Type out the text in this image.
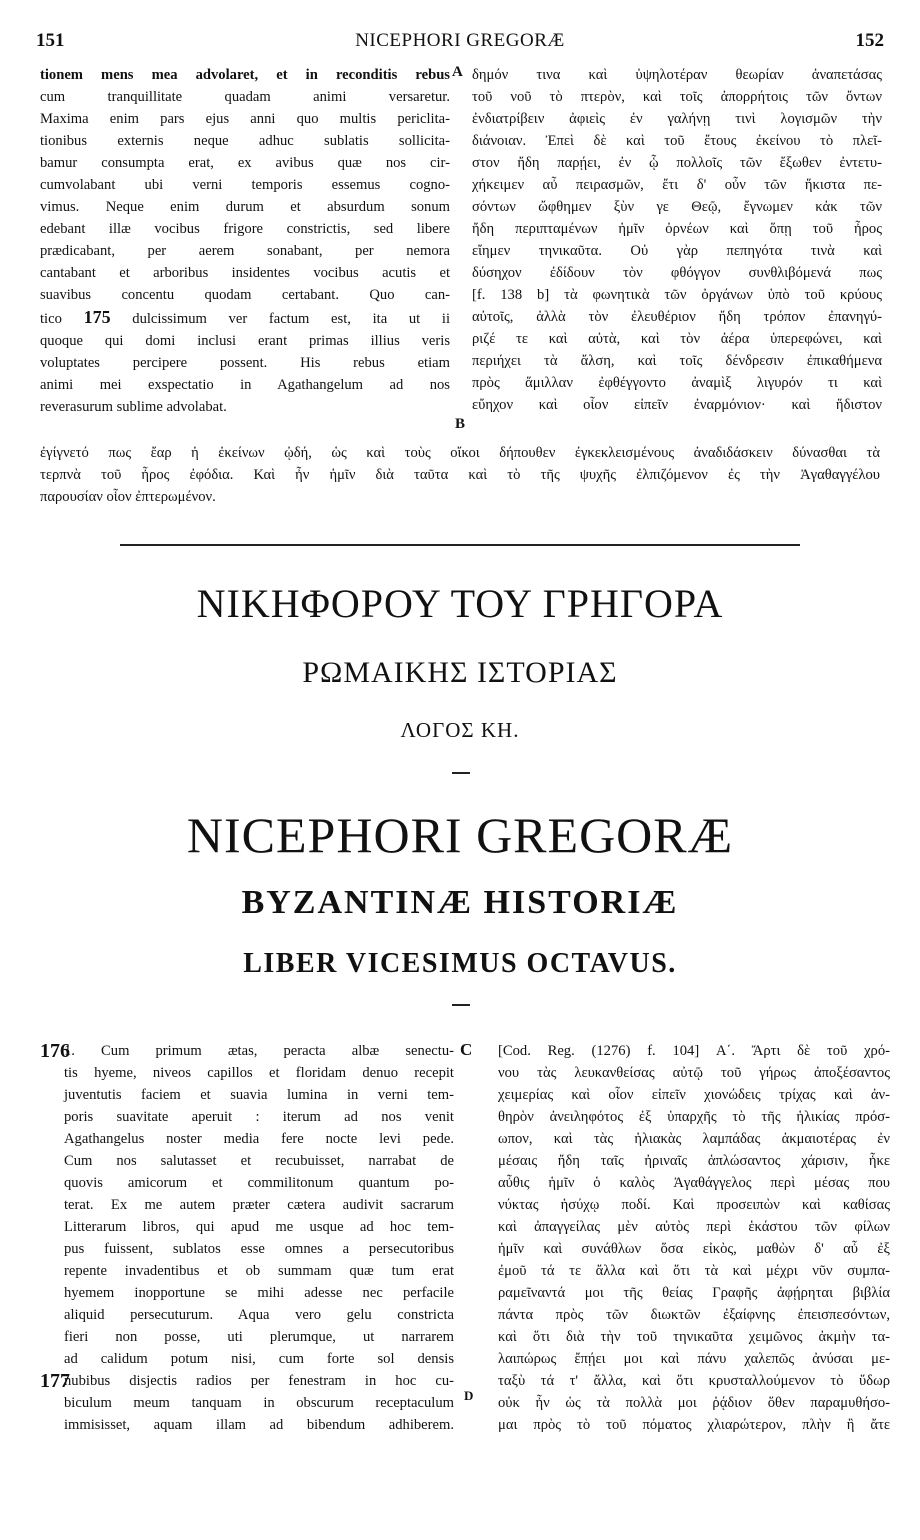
151	NICEPHORI GREGORÆ	152
tionem mens mea advolaret, et in reconditis rebus
cum tranquillitate quadam animi versaretur.
Maxima enim pars ejus anni quo multis periclita-
tionibus externis neque adhuc sublatis sollicita-
bamur consumpta erat, ex avibus quæ nos cir-
cumvolabant ubi verni temporis essemus cogno-
vimus. Neque enim durum et absurdum sonum
edebant illæ vocibus frigore constrictis, sed libere
prædicabant, per aerem sonabant, per nemora
cantabant et arboribus insidentes vocibus acutis et
suavibus concentu quodam certabant. Quo can-
tico 175 dulcissimum ver factum est, ita ut ii
quoque qui domi inclusi erant primas illius veris
voluptates percipere possent. His rebus etiam
animi mei exspectatio in Agathangelum ad nos
reverasurum sublime advolabat.
A
B
δημόν τινα καὶ ὑψηλοτέραν θεωρίαν ἀναπετάσας
τοῦ νοῦ τὸ πτερὸν, καὶ τοῖς ἀπορρήτοις τῶν ὄντων
ἐνδιατρίβειν ἀφιεὶς ἐν γαλήνῃ τινὶ λογισμῶν τὴν
διάνοιαν. Ἐπεὶ δὲ καὶ τοῦ ἔτους ἐκείνου τὸ πλεῖ-
στον ἤδη παρῄει, ἐν ᾧ πολλοῖς τῶν ἔξωθεν ἐντετυ-
χήκειμεν αὖ πειρασμῶν, ἔτι δ' οὖν τῶν ἥκιστα πε-
σόντων ὤφθημεν ξὺν γε Θεῷ, ἔγνωμεν κἀκ τῶν
ἤδη περιπταμένων ἡμῖν ὀρνέων καὶ ὅπῃ τοῦ ἦρος
εἴημεν τηνικαῦτα. Οὐ γὰρ πεπηγότα τινὰ καὶ
δύσηχον ἐδίδουν τὸν φθόγγον συνθλιβόμενά πως
[f. 138 b] τὰ φωνητικὰ τῶν ὀργάνων ὑπὸ τοῦ κρύους
αὐτοῖς, ἀλλὰ τὸν ἐλευθέριον ἤδη τρόπον ἐπανηγύ-
ριζέ τε καὶ αὐτὰ, καὶ τὸν ἀέρα ὑπερεφώνει, καὶ
περιήχει τὰ ἄλση, καὶ τοῖς δένδρεσιν ἐπικαθήμενα
πρὸς ἅμιλλαν ἐφθέγγοντο ἀναμὶξ λιγυρόν τι καὶ
εὔηχον καὶ οἷον εἰπεῖν ἐναρμόνιον· καὶ ἥδιστον
ἐγίγνετό πως ἔαρ ἡ ἐκείνων ᾠδή, ὡς καὶ τοὺς οἴκοι δήπουθεν ἐγκεκλεισμένους ἀναδιδάσκειν δύνασθαι τὰ
τερπνὰ τοῦ ἦρος ἐφόδια. Καὶ ἦν ἡμῖν διὰ ταῦτα καὶ τὸ τῆς ψυχῆς ἐλπιζόμενον ἐς τὴν Ἀγαθαγγέλου
παρουσίαν οἷον ἐπτερωμένον.
ΝΙΚΗΦΟΡΟΥ ΤΟΥ ΓΡΗΓΟΡΑ
ΡΩΜΑΙΚΗΣ ΙΣΤΟΡΙΑΣ
ΛΟΓΟΣ ΚΗ.
NICEPHORI GREGORÆ
BYZANTINÆ HISTORIÆ
LIBER VICESIMUS OCTAVUS.
176
1. Cum primum ætas, peracta albæ senectu-
tis hyeme, niveos capillos et floridam denuo recepit
juventutis faciem et suavia lumina in verni tem-
poris suavitate aperuit : iterum ad nos venit
Agathangelus noster media fere nocte levi pede.
Cum nos salutasset et recubuisset, narrabat de
quovis amicorum et commilitonum quantum po-
terat. Ex me autem præter cætera audivit sacrarum
Litterarum libros, qui apud me usque ad hoc tem-
pus fuissent, sublatos esse omnes a persecutoribus
repente invadentibus et ob summam quæ tum erat
hyemem inopportune se mihi adesse nec perfacile
aliquid persecuturum. Aqua vero gelu constricta
fieri non posse, uti plerumque, ut narrarem
ad calidum potum nisi, cum forte sol densis
nubibus disjectis radios per fenestram in hoc cu-
biculum meum tanquam in obscurum receptaculum
immisisset, aquam illam ad bibendum adhiberem.
177
C
D
[Cod. Reg. (1276) f. 104] Α΄. Ἄρτι δὲ τοῦ χρό-
νου τὰς λευκανθείσας αὐτῷ τοῦ γήρως ἀποξέσαντος
χειμερίας καὶ οἷον εἰπεῖν χιονώδεις τρίχας καὶ ἀν-
θηρὸν ἀνειληφότος ἐξ ὑπαρχῆς τὸ τῆς ἡλικίας πρόσ-
ωπον, καὶ τὰς ἡλιακὰς λαμπάδας ἀκμαιοτέρας ἐν
μέσαις ἤδη ταῖς ἠριναῖς ἁπλώσαντος χάρισιν, ἧκε
αὖθις ἡμῖν ὁ καλὸς Ἀγαθάγγελος περὶ μέσας που
νύκτας ἡσύχῳ ποδί. Καὶ προσειπὼν καὶ καθίσας
καὶ ἀπαγγείλας μὲν αὐτὸς περὶ ἑκάστου τῶν φίλων
ἡμῖν καὶ συνάθλων ὅσα εἰκὸς, μαθὼν δ' αὖ ἐξ
ἐμοῦ τά τε ἄλλα καὶ ὅτι τὰ καὶ μέχρι νῦν συμπα-
ραμεῖναντά μοι τῆς θείας Γραφῆς ἀφῄρηται βιβλία
πάντα πρὸς τῶν διωκτῶν ἐξαίφνης ἐπεισπεσόντων,
καὶ ὅτι διὰ τὴν τοῦ τηνικαῦτα χειμῶνος ἀκμὴν τα-
λαιπώρως ἔπῄει μοι καὶ πάνυ χαλεπῶς ἀνύσαι με-
ταξὺ τά τ' ἄλλα, καὶ ὅτι κρυσταλλούμενον τὸ ὕδωρ
οὐκ ἦν ὡς τὰ πολλὰ μοι ῥᾴδιον ὅθεν παραμυθήσο-
μαι πρὸς τὸ τοῦ πόματος χλιαρώτερον, πλὴν ἢ ἄτε
